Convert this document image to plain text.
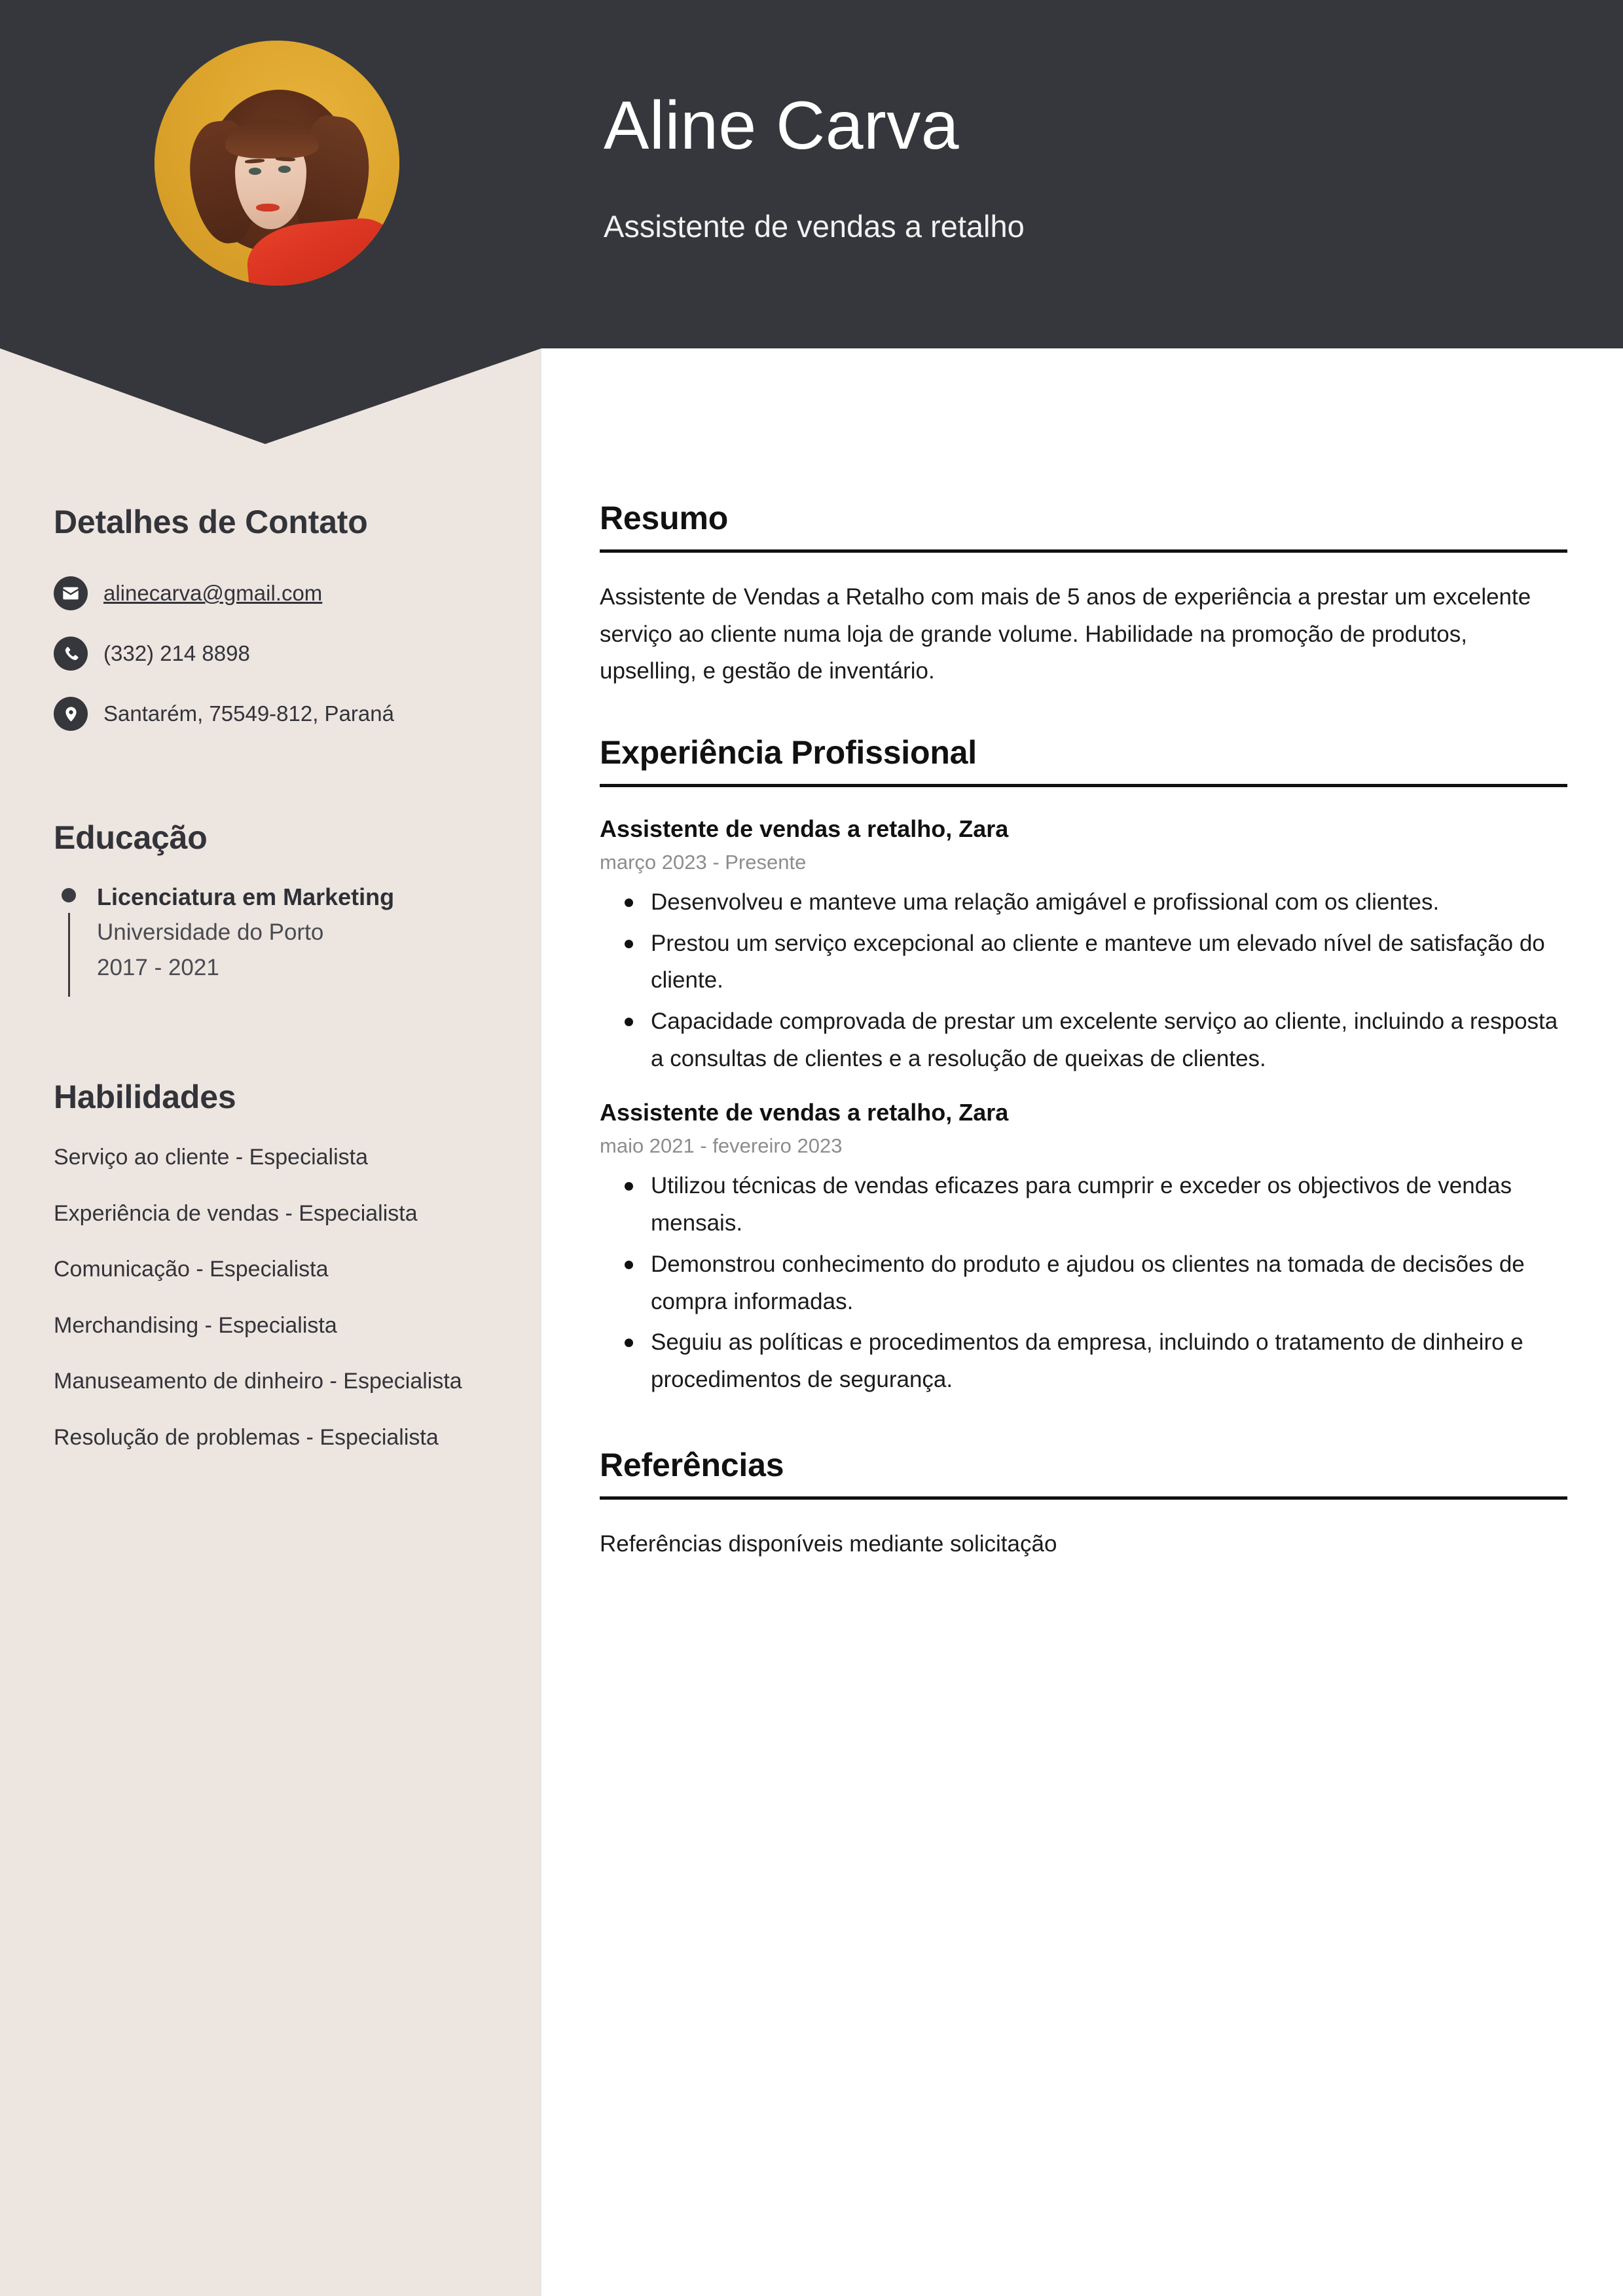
Aline Carva
Assistente de vendas a retalho
Detalhes de Contato
alinecarva@gmail.com
(332) 214 8898
Santarém, 75549-812, Paraná
Educação
Licenciatura em Marketing
Universidade do Porto
2017 - 2021
Habilidades
Serviço ao cliente - Especialista
Experiência de vendas - Especialista
Comunicação - Especialista
Merchandising - Especialista
Manuseamento de dinheiro - Especialista
Resolução de problemas - Especialista
Resumo
Assistente de Vendas a Retalho com mais de 5 anos de experiência a prestar um excelente serviço ao cliente numa loja de grande volume. Habilidade na promoção de produtos, upselling, e gestão de inventário.
Experiência Profissional
Assistente de vendas a retalho, Zara
março 2023 - Presente
Desenvolveu e manteve uma relação amigável e profissional com os clientes.
Prestou um serviço excepcional ao cliente e manteve um elevado nível de satisfação do cliente.
Capacidade comprovada de prestar um excelente serviço ao cliente, incluindo a resposta a consultas de clientes e a resolução de queixas de clientes.
Assistente de vendas a retalho, Zara
maio 2021 - fevereiro 2023
Utilizou técnicas de vendas eficazes para cumprir e exceder os objectivos de vendas mensais.
Demonstrou conhecimento do produto e ajudou os clientes na tomada de decisões de compra informadas.
Seguiu as políticas e procedimentos da empresa, incluindo o tratamento de dinheiro e procedimentos de segurança.
Referências
Referências disponíveis mediante solicitação
